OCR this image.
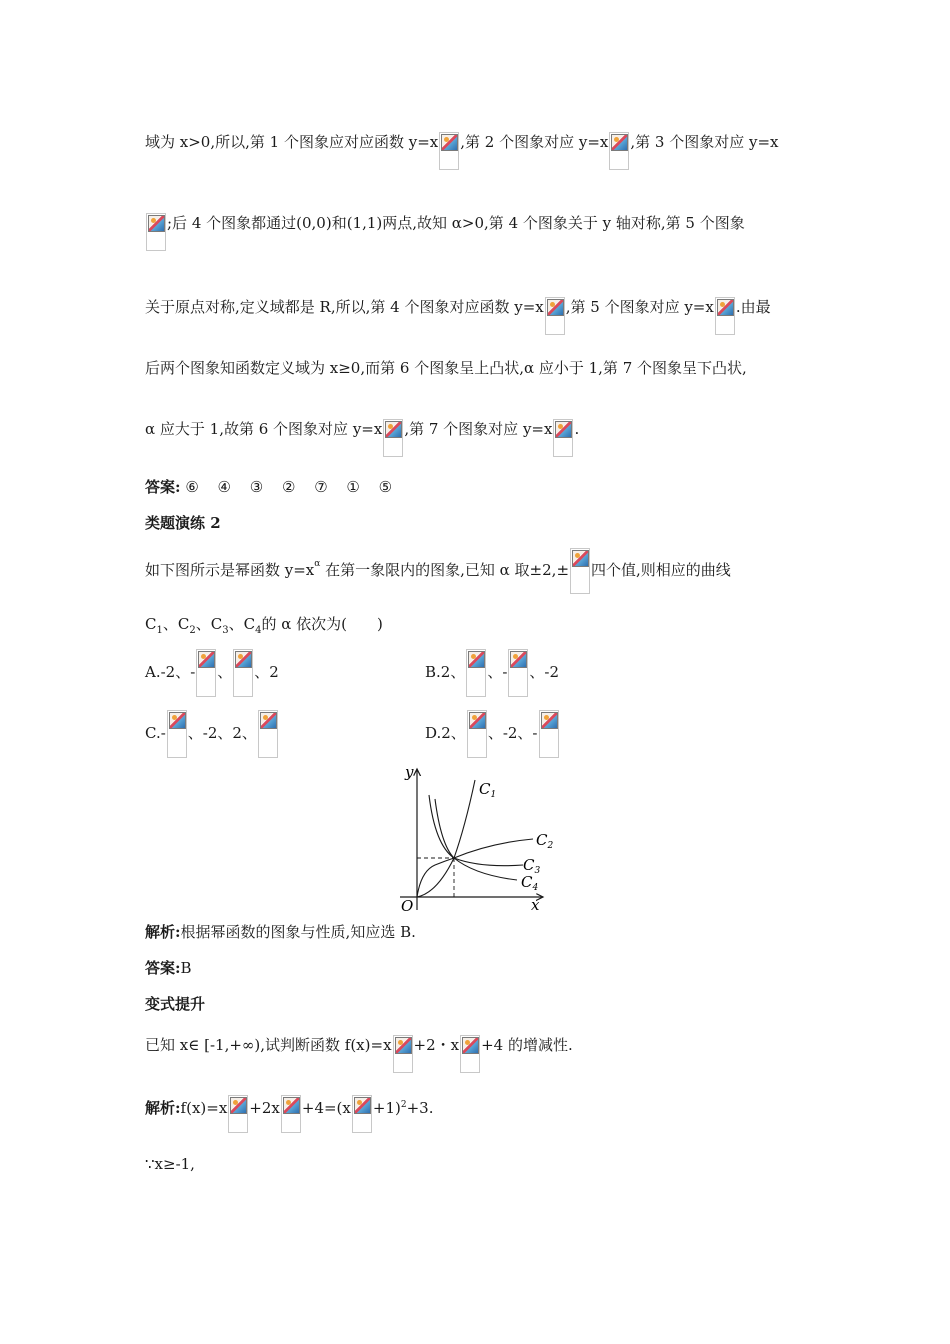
域为 x>0,所以,第 1 个图象应对应函数 y=x ,第 2 个图象对应 y=x ,第 3 个图象对应 y=x
;后 4 个图象都通过(0,0)和(1,1)两点,故知 α>0,第 4 个图象关于 y 轴对称,第 5 个图象
关于原点对称,定义域都是 R,所以,第 4 个图象对应函数 y=x ,第 5 个图象对应 y=x .由最
后两个图象知函数定义域为 x≥0,而第 6 个图象呈上凸状,α 应小于 1,第 7 个图象呈下凸状,
α 应大于 1,故第 6 个图象对应 y=x ,第 7 个图象对应 y=x .
答案: ⑥ ④ ③ ② ⑦ ① ⑤
类题演练 2
如下图所示是幂函数 $y=x^\alpha$ 在第一象限内的图象,已知 α 取±2,± 四个值,则相应的曲线
$C_1$、$C_2$、$C_3$、$C_4$的 α 依次为(　　)
A.-2、- 、 、2	B.2、 、- 、-2
C.- 、-2、2、	D.2、 、-2、-
y
x
O
$C_1$
$C_2$
$C_3$
$C_4$
解析:根据幂函数的图象与性质,知应选 B.
答案:B
变式提升
已知 x∈ [-1,+∞),试判断函数 f(x)=x +2・x +4 的增减性.
解析:f(x)=x $+2x +4=(x +1)^2+3$.
∵x≥-1,
